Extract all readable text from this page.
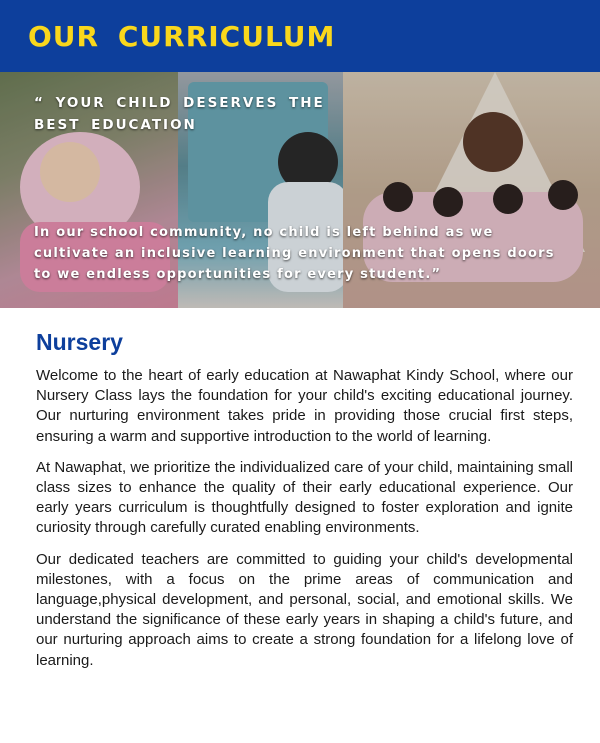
OUR CURRICULUM
“ YOUR CHILD DESERVES THE BEST EDUCATION
In our school community, no child is left behind as we cultivate an inclusive learning environment that opens doors to we endless opportunities for every student.”
Nursery

Welcome to the heart of early education at Nawaphat Kindy School, where our Nursery Class lays the foundation for your child's exciting educational journey. Our nurturing environment takes pride in providing those crucial first steps, ensuring a warm and supportive introduction to the world of learning.

At Nawaphat, we prioritize the individualized care of your child, maintaining small class sizes to enhance the quality of their early educational experience. Our early years curriculum is thoughtfully designed to foster exploration and ignite curiosity through carefully curated enabling environments.

Our dedicated teachers are committed to guiding your child's developmental milestones, with a focus on the prime areas of communication and language,physical development, and personal, social, and emotional skills. We understand the significance of these early years in shaping a child's future, and our nurturing approach aims to create a strong foundation for a lifelong love of learning.
